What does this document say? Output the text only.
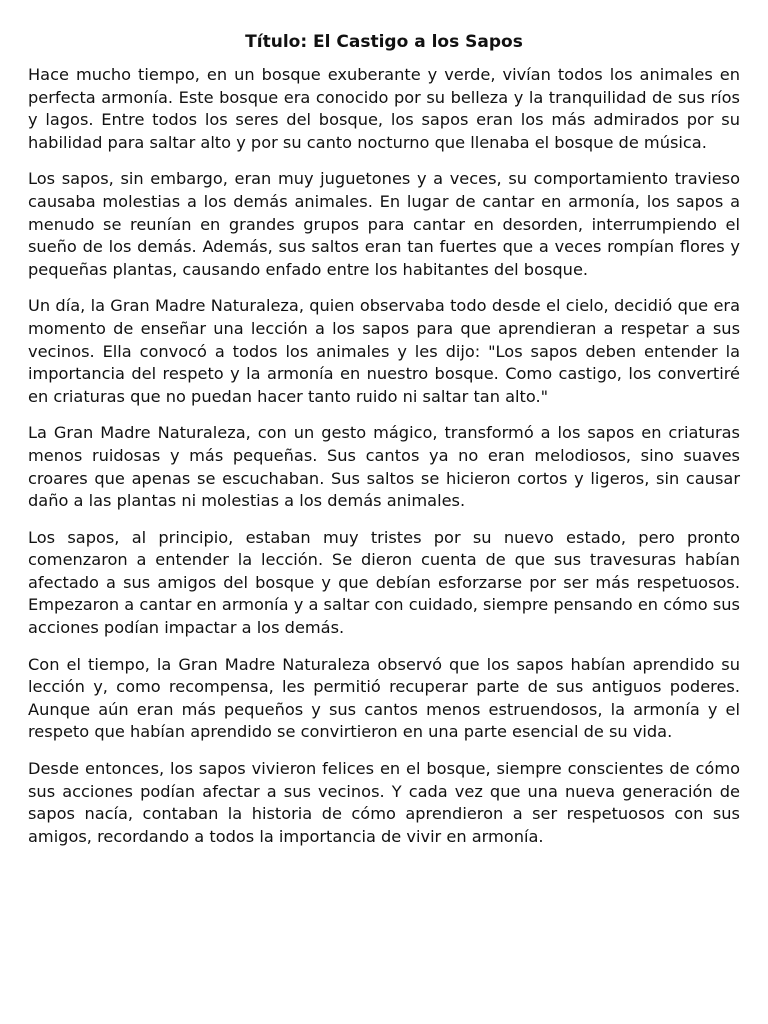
Título: El Castigo a los Sapos

Hace mucho tiempo, en un bosque exuberante y verde, vivían todos los animales en perfecta armonía. Este bosque era conocido por su belleza y la tranquilidad de sus ríos y lagos. Entre todos los seres del bosque, los sapos eran los más admirados por su habilidad para saltar alto y por su canto nocturno que llenaba el bosque de música.

Los sapos, sin embargo, eran muy juguetones y a veces, su comportamiento travieso causaba molestias a los demás animales. En lugar de cantar en armonía, los sapos a menudo se reunían en grandes grupos para cantar en desorden, interrumpiendo el sueño de los demás. Además, sus saltos eran tan fuertes que a veces rompían flores y pequeñas plantas, causando enfado entre los habitantes del bosque.

Un día, la Gran Madre Naturaleza, quien observaba todo desde el cielo, decidió que era momento de enseñar una lección a los sapos para que aprendieran a respetar a sus vecinos. Ella convocó a todos los animales y les dijo: "Los sapos deben entender la importancia del respeto y la armonía en nuestro bosque. Como castigo, los convertiré en criaturas que no puedan hacer tanto ruido ni saltar tan alto."

La Gran Madre Naturaleza, con un gesto mágico, transformó a los sapos en criaturas menos ruidosas y más pequeñas. Sus cantos ya no eran melodiosos, sino suaves croares que apenas se escuchaban. Sus saltos se hicieron cortos y ligeros, sin causar daño a las plantas ni molestias a los demás animales.

Los sapos, al principio, estaban muy tristes por su nuevo estado, pero pronto comenzaron a entender la lección. Se dieron cuenta de que sus travesuras habían afectado a sus amigos del bosque y que debían esforzarse por ser más respetuosos. Empezaron a cantar en armonía y a saltar con cuidado, siempre pensando en cómo sus acciones podían impactar a los demás.

Con el tiempo, la Gran Madre Naturaleza observó que los sapos habían aprendido su lección y, como recompensa, les permitió recuperar parte de sus antiguos poderes. Aunque aún eran más pequeños y sus cantos menos estruendosos, la armonía y el respeto que habían aprendido se convirtieron en una parte esencial de su vida.

Desde entonces, los sapos vivieron felices en el bosque, siempre conscientes de cómo sus acciones podían afectar a sus vecinos. Y cada vez que una nueva generación de sapos nacía, contaban la historia de cómo aprendieron a ser respetuosos con sus amigos, recordando a todos la importancia de vivir en armonía.
